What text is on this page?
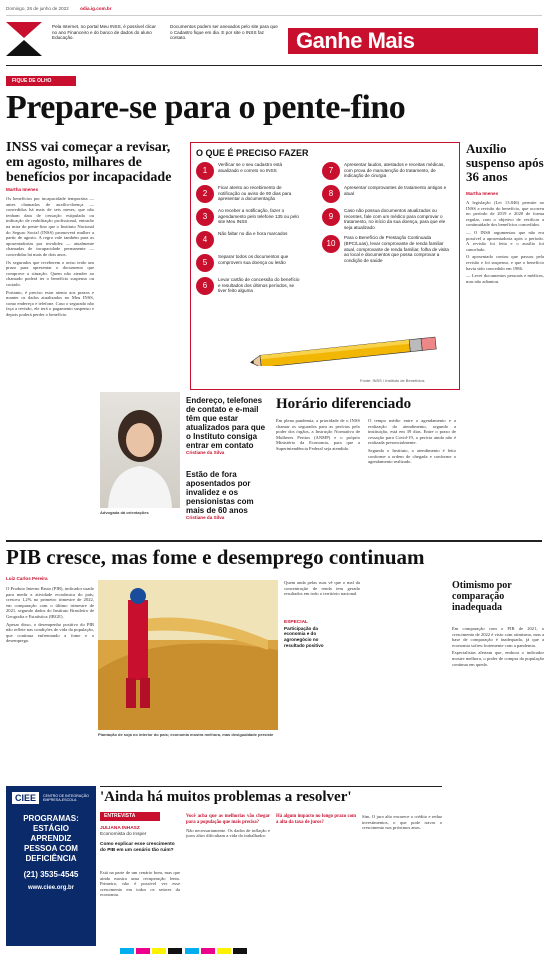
Domingo, 26 de junho de 2022 odia.ig.com.br
Pela Internet, no portal Meu INSS, é possível clicar no ano Financeiro e do banco de dados do aluno Educação.
Documentos podem ser anexados pelo site para que o Cadastro fique em dia. E por site o INSS faz contato.	Ganhe Mais
FIQUE DE OLHO
Prepare-se para o pente-fino
INSS vai começar a revisar, em agosto, milhares de benefícios por incapacidade
Martha Imenes

Os benefícios por incapacidade temporária — antes chamados de auxílio-doença — concedidos há mais de seis meses, que não tenham data de cessação estipulada ou indicação de reabilitação profissional, entrarão na mira do pente-fino que o Instituto Nacional do Seguro Social (INSS) promoverá mulher a partir de agosto. A regra vale também para as aposentadorias por invalidez — atualmente chamadas de incapacidade permanente — concedidas há mais de dois anos.

Os segurados que receberem o aviso terão um prazo para apresentar o documento que comprove a situação. Quem não atender ao chamado poderá ter o benefício suspenso ou cortado.

Portanto, é preciso estar atento aos prazos e manter os dados atualizados no Meu INSS, como endereço e telefone. Caso o segurado não faça a revisão, ele terá o pagamento suspenso e depois poderá perder o benefício.

O QUE É PRECISO FAZER
1
Verificar se o seu cadastro está atualizado e correto no INSS
2
Ficar atento ao recebimento de notificação ou aviso de 90 dias para apresentar a documentação
3
Ao receber a notificação, fazer o agendamento pelo telefone 135 ou pelo site Meu INSS
4
Não faltar no dia e hora marcados
5
Separar todos os documentos que comprovem sua doença ou lesão
6
Levar cartão de concessão do benefício e resultados dos últimos períodos, se tiver feito alguma
7
Apresentar laudos, atestados e receitas médicas, com prova de manutenção do tratamento, de indicação de cirurgia
8
Apresentar comprovantes de tratamento antigos e atual
9
Caso não possua documentos atualizados ou recentes, fale com um médico para comprovar o tratamento, no início da sua doença, para que ele seja atualizado
10
Para o Benefício de Prestação Continuada (BPC/Loas), levar comprovante de renda familiar atual, comprovante de renda familiar, folha de visita ao local e documentos que possa comprovar a condição de saúde
Fonte: INSS / Instituto de Benefícios
Auxílio suspenso após 36 anos
Martha Imenes

A legislação (Lei 13.846) permite ao INSS a revisão do benefício, que ocorreu no período de 2019 e 2020 de forma regular, com o objetivo de verificar a continuidade dos benefícios concedidos.

— O INSS argumentou que não era possível a aposentadoria após o período. A revisão foi feita e o auxílio foi cancelado.

O aposentado contou que passou pela revisão e foi suspenso, e que o benefício havia sido concedido em 1986.

— Levei documentos pessoais e médicos, mas não adiantou.

Advogada dá orientações
Endereço, telefones de contato e e-mail têm que estar atualizados para que o Instituto consiga entrar em contato
Cristiane da Silva
Estão de fora aposentados por invalidez e os pensionistas com mais de 60 anos
Cristiane da Silva
Horário diferenciado

Em plena pandemia, a prioridade de o INSS chamar os segurados para as perícias pelo poder dos órgãos, a Instrução Normativa de Mulheres Peritos (ANMP) e o próprio Ministério da Economia, para que a Superintendência Federal seja atendida.

O tempo médio entre o agendamento e a realização do atendimento, segundo a instituição, está em 39 dias. Entre o prazo de cessação para Covid-19, a perícia ainda não é realizada presencialmente.

Segundo o Instituto, o atendimento é feito conforme a ordem de chegada e conforme o agendamento realizado.

PIB cresce, mas fome e desemprego continuam
Luiz Carlos Pereira

O Produto Interno Bruto (PIB), indicador usado para medir a atividade econômica do país, cresceu 1,2% no primeiro trimestre de 2022, em comparação com o último trimestre de 2021, segundo dados do Instituto Brasileiro de Geografia e Estatística (IBGE).

Apesar disso, o desempenho positivo do PIB não reflete nas condições de vida da população, que continua enfrentando a fome e o desemprego.

Plantação de soja no interior do país; economia mostra melhora, mas desigualdade persiste

Quem anda pelas ruas vê que o mal da concentração de renda tem gerado resultados em todo o território nacional.

ESPECIAL
Participação da economia e do agronegócio no resultado positivo
Otimismo por comparação inadequada

Em comparação com o PIB de 2021, o crescimento de 2022 é visto com otimismo, mas a base de comparação é inadequada, já que a economia sofreu fortemente com a pandemia.

Especialistas alertam que, embora o indicador mostre melhora, o poder de compra da população continua em queda.

CIEE	CENTRO DE INTEGRAÇÃO EMPRESA-ESCOLA
PROGRAMAS:
ESTÁGIO
APRENDIZ
PESSOA COM
DEFICIÊNCIA
(21) 3535-4545
www.ciee.org.br
'Ainda há muitos problemas a resolver'
ENTREVISTA
JULIANA INHASZ
Economista do Insper
Como explicar esse crescimento do PIB em um cenário tão ruim?

Está na parte de um cenário bom, mas que ainda mostra uma recuperação lenta. Primeiro, não é possível ver esse crescimento em todos os setores da economia.

Você acha que as melhorias vão chegar para a população que mais precisa?

Não necessariamente. Os dados de inflação e juros altos dificultam a vida do trabalhador.

Há algum impacto no longo prazo com a alta da taxa de juros?

Sim. O juro alto encarece o crédito e reduz investimentos, o que pode travar o crescimento nos próximos anos.
